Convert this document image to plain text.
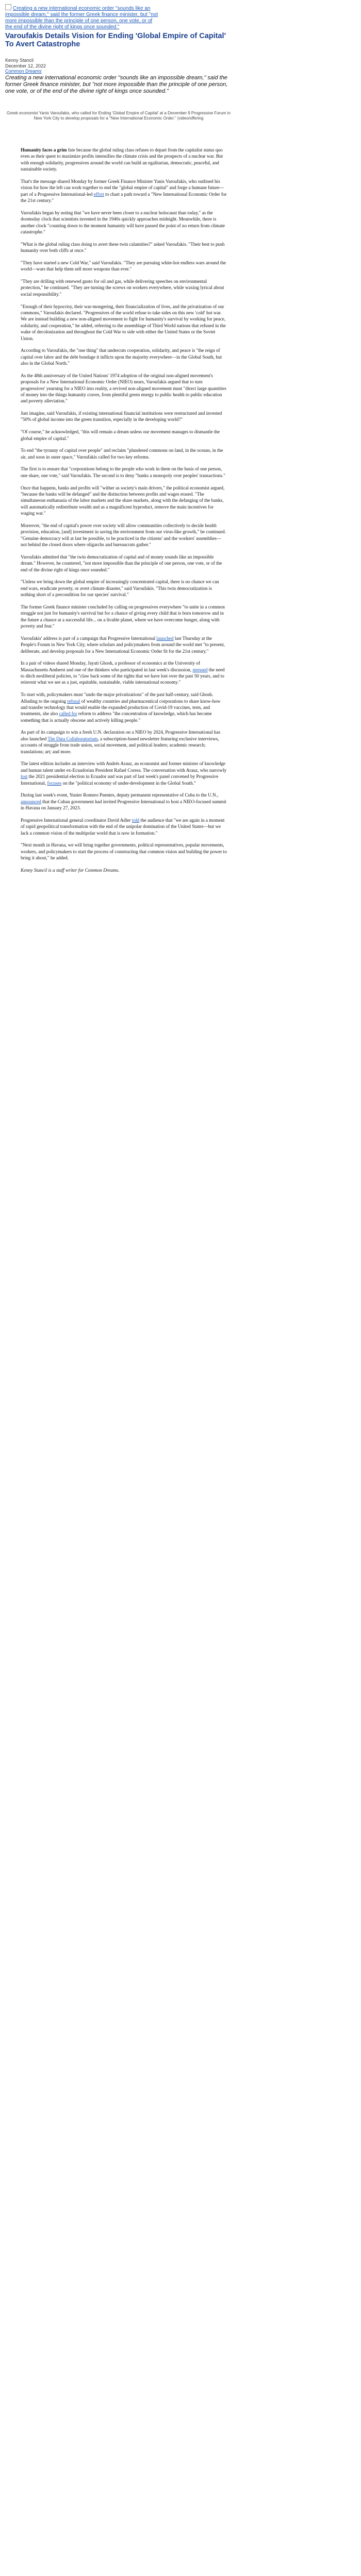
Creating a new international economic order "sounds like an impossible dream," said the former Greek finance minister, but "not more impossible than the principle of one person, one vote, or of the end of the divine right of kings once sounded."
Varoufakis Details Vision for Ending 'Global Empire of Capital' To Avert Catastrophe
Kenny Stancil
December 12, 2022
Common Dreams

Creating a new international economic order "sounds like an impossible dream," said the former Greek finance minister, but "not more impossible than the principle of one person, one vote, or of the end of the divine right of kings once sounded."

Greek economist Yanis Varoufakis, who called for Ending 'Global Empire of Capital' at a December 9 Progressive Forum in New York City to develop proposals for a "New International Economic Order." (video/offering

Humanity faces a grim fate because the global ruling class refuses to depart from the capitalist status quo even as their quest to maximize profits intensifies the climate crisis and the prospects of a nuclear war. But with enough solidarity, progressives around the world can build an egalitarian, democratic, peaceful, and sustainable society.

That's the message shared Monday by former Greek Finance Minister Yanis Varoufakis, who outlined his vision for how the left can work together to end the "global empire of capital" and forge a humane future—part of a Progressive International-led effort to chart a path toward a "New International Economic Order for the 21st century."

Varoufakis began by noting that "we have never been closer to a nuclear holocaust than today," as the doomsday clock that scientists invented in the 1940s quickly approaches midnight. Meanwhile, there is another clock "counting down to the moment humanity will have passed the point of no return from climate catastrophe."

"What is the global ruling class doing to avert these twin calamities?" asked Varoufakis. "Their best to push humanity over both cliffs at once."

"They have started a new Cold War," said Varoufakis. "They are pursuing white-hot endless wars around the world—wars that help them sell more weapons than ever."

"They are drilling with renewed gusto for oil and gas, while delivering speeches on environmental protection," he continued. "They are turning the screws on workers everywhere, while waxing lyrical about social responsibility."

"Enough of their hypocrisy, their war-mongering, their financialization of lives, and the privatization of our commons," Varoufakis declared. "Progressives of the world refuse to take sides on this new 'cold' hot war. We are instead building a new non-aligned movement to fight for humanity's survival by working for peace, solidarity, and cooperation," he added, referring to the assemblage of Third World nations that refused in the wake of decolonization and throughout the Cold War to side with either the United States or the Soviet Union.

According to Varoufakis, the "one thing" that undercuts cooperation, solidarity, and peace is "the reign of capital over labor and the debt bondage it inflicts upon the majority everywhere—in the Global South, but also in the Global North."

As the 48th anniversary of the United Nations' 1974 adoption of the original non-aligned movement's proposals for a New International Economic Order (NIEO) nears, Varoufakis argued that to turn progressives' yearning for a NIEO into reality, a revived non-aligned movement must "direct large quantities of money into the things humanity craves, from plentiful green energy to public health to public education and poverty alleviation."

Just imagine, said Varoufakis, if existing international financial institutions were restructured and invested "50% of global income into the green transition, especially in the developing world?"

"Of course," he acknowledged, "this will remain a dream unless our movement manages to dismantle the global empire of capital."

To end "the tyranny of capital over people" and reclaim "plundered commons on land, in the oceans, in the air, and soon in outer space," Varoufakis called for two key reforms.

The first is to ensure that "corporations belong to the people who work in them on the basis of one person, one share, one vote," said Varoufakis. The second is to deny "banks a monopoly over peoples' transactions."

Once that happens, banks and profits will "wither as society's main drivers," the political economist argued, "because the banks will be defanged" and the distinction between profits and wages erased. "The simultaneous euthanasia of the labor markets and the share markets, along with the defanging of the banks, will automatically redistribute wealth and as a magnificent byproduct, remove the main incentives for waging war."

Moreover, "the end of capital's power over society will allow communities collectively to decide health provision, education, [and] investment in saving the environment from our virus-like growth," he continued. "Genuine democracy will at last be possible, to be practiced in the citizens' and the workers' assemblies—not behind the closed doors where oligarchs and bureaucrats gather."

Varoufakis admitted that "the twin democratization of capital and of money sounds like an impossible dream." However, he countered, "not more impossible than the principle of one person, one vote, or of the end of the divine right of kings once sounded."

"Unless we bring down the global empire of increasingly concentrated capital, there is no chance we can end wars, eradicate poverty, or avert climate disaster," said Varoufakis. "This twin democratization is nothing short of a precondition for our species' survival."

The former Greek finance minister concluded by calling on progressives everywhere "to unite in a common struggle not just for humanity's survival but for a chance of giving every child that is born tomorrow and in the future a chance at a successful life... on a livable planet, where we have overcome hunger, along with poverty and fear."

Varoufakis' address is part of a campaign that Progressive International launched last Thursday at the People's Forum in New York City, where scholars and policymakers from around the world met "to present, deliberate, and develop proposals for a New International Economic Order fit for the 21st century."

In a pair of videos shared Monday, Jayati Ghosh, a professor of economics at the University of Massachusetts Amherst and one of the thinkers who participated in last week's discussion, stressed the need to ditch neoliberal policies, to "claw back some of the rights that we have lost over the past 50 years, and to reinvent what we see as a just, equitable, sustainable, viable international economy."

To start with, policymakers must "undo the major privatizations" of the past half-century, said Ghosh. Alluding to the ongoing refusal of wealthy countries and pharmaceutical corporations to share know-how and transfer technology that would enable the expanded production of Covid-19 vaccines, tests, and treatments, she also called for reform to address "the concentration of knowledge, which has become something that is actually obscene and actively killing people."

As part of its campaign to win a fresh U.N. declaration on a NIEO by 2024, Progressive International has also launched The Data Collaboratorium, a subscription-based newsletter featuring exclusive interviews, accounts of struggle from trade union, social movement, and political leaders; academic research; translations; art; and more.

The latest edition includes an interview with Andrés Arauz, an economist and former minister of knowledge and human talent under ex-Ecuadorian President Rafael Correa. The conversation with Arauz, who narrowly lost the 2021 presidential election in Ecuador and was part of last week's panel convened by Progressive International, focuses on the "political economy of under-development in the Global South."

During last week's event, Yunier Romero Puentes, deputy permanent representative of Cuba to the U.N., announced that the Cuban government had invited Progressive International to host a NIEO-focused summit in Havana on January 27, 2023.

Progressive International general coordinator David Adler told the audience that "we are again in a moment of rapid geopolitical transformation with the end of the unipolar domination of the United States—but we lack a common vision of the multipolar world that is now in formation."

"Next month in Havana, we will bring together governments, political representatives, popular movements, workers, and policymakers to start the process of constructing that common vision and building the power to bring it about," he added.

Kenny Stancil is a staff writer for Common Dreams.
